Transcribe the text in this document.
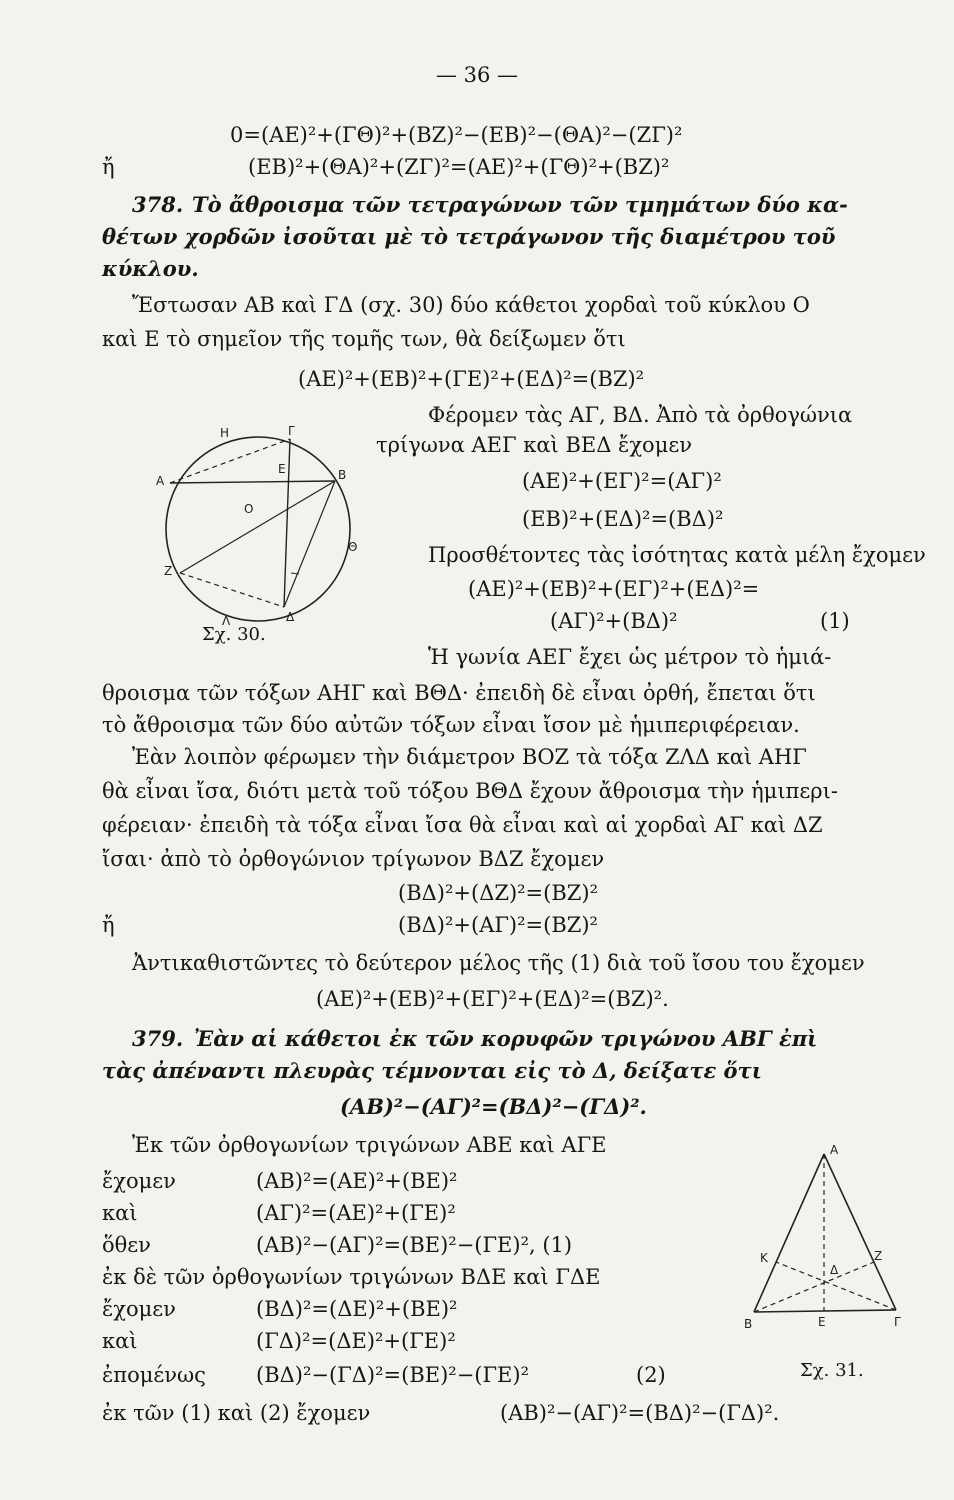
— 36 —
0=(ΑΕ)²+(ΓΘ)²+(ΒΖ)²−(ΕΒ)²−(ΘΑ)²−(ΖΓ)²
ἤ	(ΕΒ)²+(ΘΑ)²+(ΖΓ)²=(ΑΕ)²+(ΓΘ)²+(ΒΖ)²
378. Τὸ ἄθροισμα τῶν τετραγώνων τῶν τμημάτων δύο κα-
θέτων χορδῶν ἰσοῦται μὲ τὸ τετράγωνον τῆς διαμέτρου τοῦ
κύκλου.
Ἔστωσαν ΑΒ καὶ ΓΔ (σχ. 30) δύο κάθετοι χορδαὶ τοῦ κύκλου Ο
καὶ Ε τὸ σημεῖον τῆς τομῆς των, θὰ δείξωμεν ὅτι
(ΑΕ)²+(ΕΒ)²+(ΓΕ)²+(ΕΔ)²=(ΒΖ)²
Φέρομεν τὰς ΑΓ, ΒΔ. Ἀπὸ τὰ ὀρθογώνια
τρίγωνα ΑΕΓ καὶ ΒΕΔ ἔχομεν
(ΑΕ)²+(ΕΓ)²=(ΑΓ)²
(ΕΒ)²+(ΕΔ)²=(ΒΔ)²
Προσθέτοντες τὰς ἰσότητας κατὰ μέλη ἔχομεν
(ΑΕ)²+(ΕΒ)²+(ΕΓ)²+(ΕΔ)²=
(ΑΓ)²+(ΒΔ)²	(1)
Η	Γ
Α
Ε	Β
Ο
Θ
Ζ
Δ
Λ
Σχ. 30.
Ἡ γωνία ΑΕΓ ἔχει ὡς μέτρον τὸ ἡμιά-
θροισμα τῶν τόξων ΑΗΓ καὶ ΒΘΔ· ἐπειδὴ δὲ εἶναι ὀρθή, ἔπεται ὅτι
τὸ ἄθροισμα τῶν δύο αὐτῶν τόξων εἶναι ἴσον μὲ ἡμιπεριφέρειαν.
Ἐὰν λοιπὸν φέρωμεν τὴν διάμετρον ΒΟΖ τὰ τόξα ΖΛΔ καὶ ΑΗΓ
θὰ εἶναι ἴσα, διότι μετὰ τοῦ τόξου ΒΘΔ ἔχουν ἄθροισμα τὴν ἡμιπερι-
φέρειαν· ἐπειδὴ τὰ τόξα εἶναι ἴσα θὰ εἶναι καὶ αἱ χορδαὶ ΑΓ καὶ ΔΖ
ἴσαι· ἀπὸ τὸ ὀρθογώνιον τρίγωνον ΒΔΖ ἔχομεν
(ΒΔ)²+(ΔΖ)²=(ΒΖ)²
ἤ	(ΒΔ)²+(ΑΓ)²=(ΒΖ)²
Ἀντικαθιστῶντες τὸ δεύτερον μέλος τῆς (1) διὰ τοῦ ἴσου του ἔχομεν
(ΑΕ)²+(ΕΒ)²+(ΕΓ)²+(ΕΔ)²=(ΒΖ)².
379. Ἐὰν αἱ κάθετοι ἐκ τῶν κορυφῶν τριγώνου ΑΒΓ ἐπὶ
τὰς ἀπέναντι πλευρὰς τέμνονται εἰς τὸ Δ, δείξατε ὅτι
(ΑΒ)²−(ΑΓ)²=(ΒΔ)²−(ΓΔ)².
Ἐκ τῶν ὀρθογωνίων τριγώνων ΑΒΕ καὶ ΑΓΕ
ἔχομεν	(ΑΒ)²=(ΑΕ)²+(ΒΕ)²
καὶ	(ΑΓ)²=(ΑΕ)²+(ΓΕ)²
ὅθεν	(ΑΒ)²−(ΑΓ)²=(ΒΕ)²−(ΓΕ)², (1)
ἐκ δὲ τῶν ὀρθογωνίων τριγώνων ΒΔΕ καὶ ΓΔΕ
ἔχομεν	(ΒΔ)²=(ΔΕ)²+(ΒΕ)²
καὶ	(ΓΔ)²=(ΔΕ)²+(ΓΕ)²
ἐπομένως (ΒΔ)²−(ΓΔ)²=(ΒΕ)²−(ΓΕ)²	(2)
ἐκ τῶν (1) καὶ (2) ἔχομεν	(ΑΒ)²−(ΑΓ)²=(ΒΔ)²−(ΓΔ)².
Α
Κ
Δ
Ζ
Β	Ε	Γ
Σχ. 31.
